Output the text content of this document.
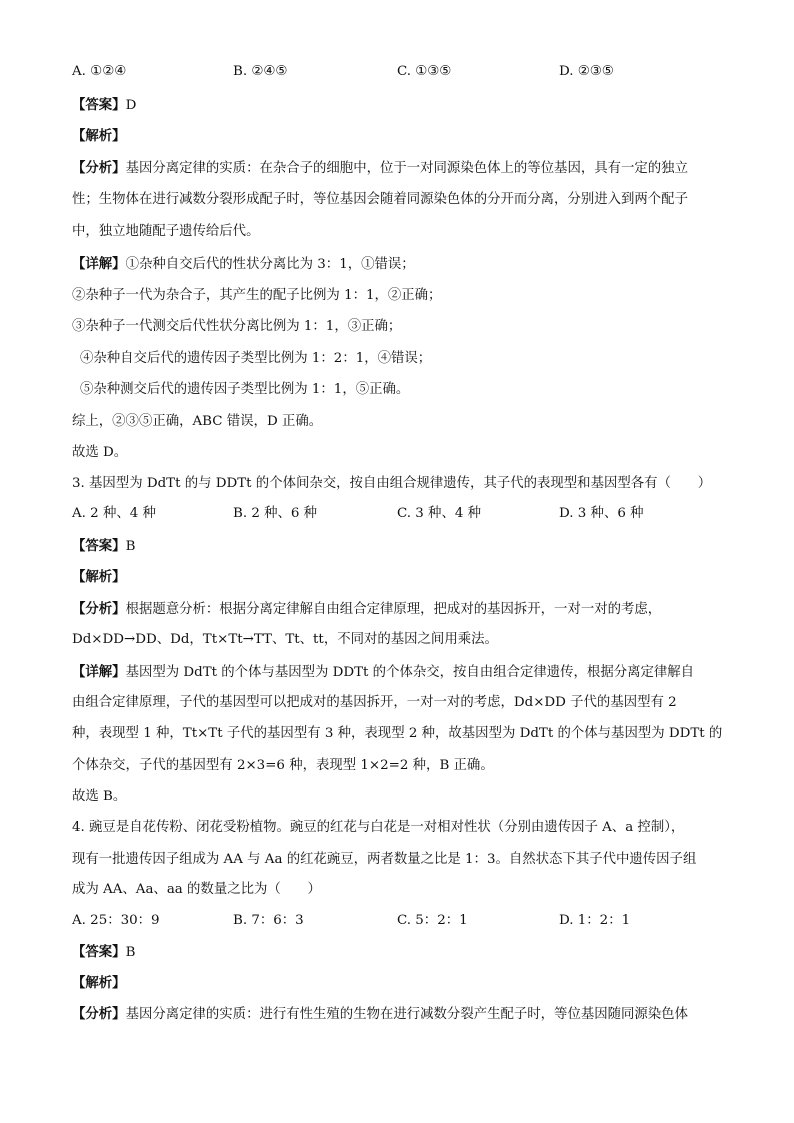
A. ①②④	B. ②④⑤	C. ①③⑤	D. ②③⑤
【答案】D
【解析】
【分析】基因分离定律的实质：在杂合子的细胞中，位于一对同源染色体上的等位基因，具有一定的独立
性；生物体在进行减数分裂形成配子时，等位基因会随着同源染色体的分开而分离，分别进入到两个配子
中，独立地随配子遗传给后代。
【详解】①杂种自交后代的性状分离比为 3：1，①错误；
②杂种子一代为杂合子，其产生的配子比例为 1：1，②正确；
③杂种子一代测交后代性状分离比例为 1：1，③正确；
④杂种自交后代的遗传因子类型比例为 1：2：1，④错误；
⑤杂种测交后代的遗传因子类型比例为 1：1，⑤正确。
综上，②③⑤正确，ABC 错误，D 正确。
故选 D。
3. 基因型为 DdTt 的与 DDTt 的个体间杂交，按自由组合规律遗传，其子代的表现型和基因型各有（　　）
A. 2 种、4 种	B. 2 种、6 种	C. 3 种、4 种	D. 3 种、6 种
【答案】B
【解析】
【分析】根据题意分析：根据分离定律解自由组合定律原理，把成对的基因拆开，一对一对的考虑，
Dd×DD→DD、Dd，Tt×Tt→TT、Tt、tt，不同对的基因之间用乘法。
【详解】基因型为 DdTt 的个体与基因型为 DDTt 的个体杂交，按自由组合定律遗传，根据分离定律解自
由组合定律原理，子代的基因型可以把成对的基因拆开，一对一对的考虑，Dd×DD 子代的基因型有 2
种，表现型 1 种，Tt×Tt 子代的基因型有 3 种，表现型 2 种，故基因型为 DdTt 的个体与基因型为 DDTt 的
个体杂交，子代的基因型有 2×3=6 种，表现型 1×2=2 种，B 正确。
故选 B。
4. 豌豆是自花传粉、闭花受粉植物。豌豆的红花与白花是一对相对性状（分别由遗传因子 A、a 控制），
现有一批遗传因子组成为 AA 与 Aa 的红花豌豆，两者数量之比是 1：3。自然状态下其子代中遗传因子组
成为 AA、Aa、aa 的数量之比为（　　）
A. 25：30：9	B. 7：6：3	C. 5：2：1	D. 1：2：1
【答案】B
【解析】
【分析】基因分离定律的实质：进行有性生殖的生物在进行减数分裂产生配子时，等位基因随同源染色体
